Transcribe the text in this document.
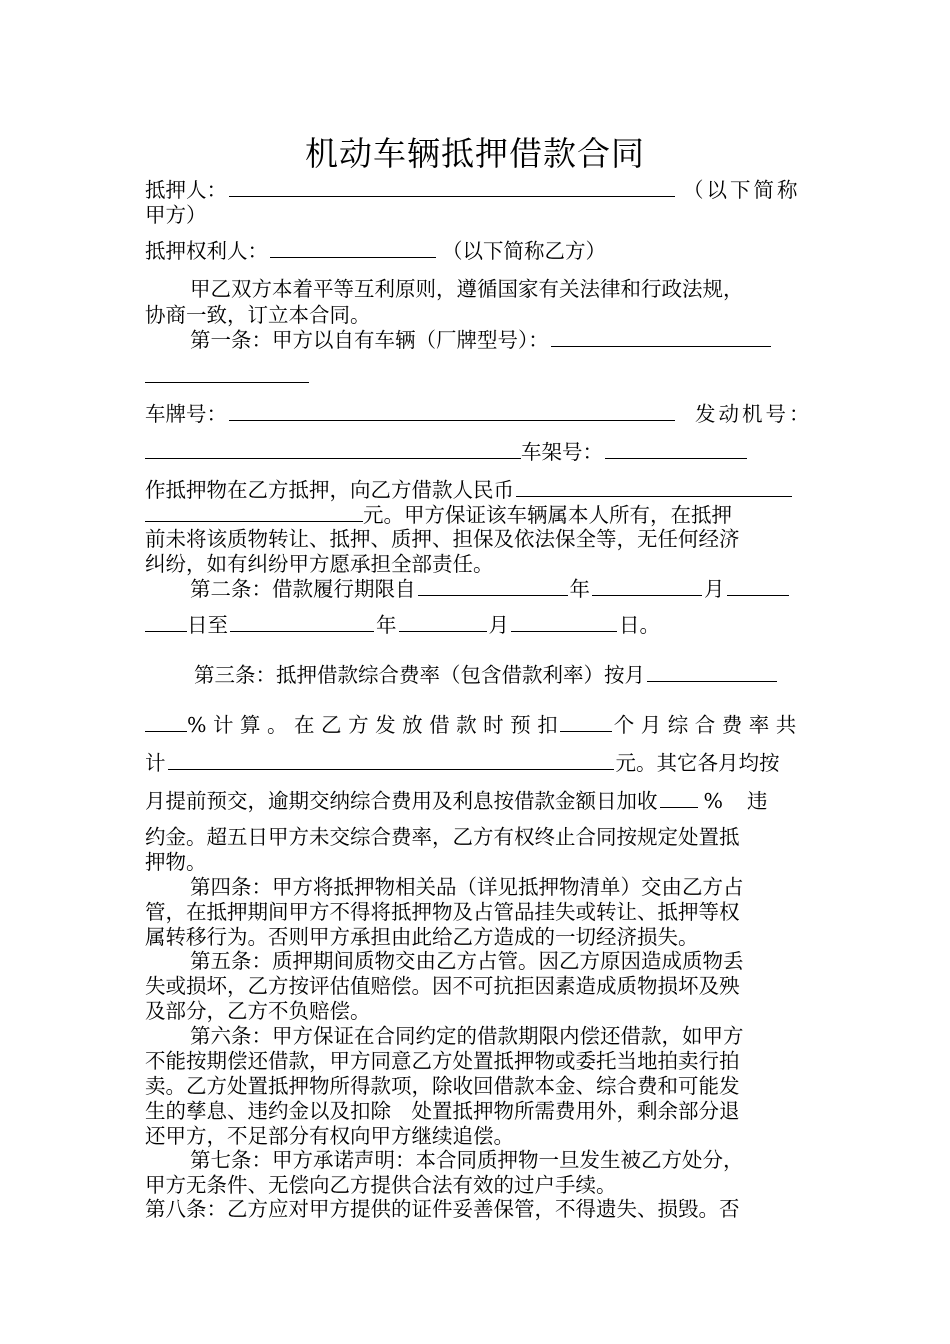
机动车辆抵押借款合同
抵押人：	（以下简称
甲方）
抵押权利人：	（以下简称乙方）
甲乙双方本着平等互利原则，遵循国家有关法律和行政法规，
协商一致，订立本合同。
第一条：甲方以自有车辆（厂牌型号）：
车牌号：	发动机号：
车架号：
作抵押物在乙方抵押，向乙方借款人民币
元。甲方保证该车辆属本人所有，在抵押
前未将该质物转让、抵押、质押、担保及依法保全等，无任何经济
纠纷，如有纠纷甲方愿承担全部责任。
第二条：借款履行期限自	年	月
日至	年	月	日。
第三条：抵押借款综合费率（包含借款利率）按月
% 计 算 。 在 乙 方 发 放 借 款 时 预 扣	个 月 综 合 费 率 共
计	元。其它各月均按
月提前预交，逾期交纳综合费用及利息按借款金额日加收 % 违
约金。超五日甲方未交综合费率，乙方有权终止合同按规定处置抵
押物。
第四条：甲方将抵押物相关品（详见抵押物清单）交由乙方占
管，在抵押期间甲方不得将抵押物及占管品挂失或转让、抵押等权
属转移行为。否则甲方承担由此给乙方造成的一切经济损失。
第五条：质押期间质物交由乙方占管。因乙方原因造成质物丢
失或损坏，乙方按评估值赔偿。因不可抗拒因素造成质物损坏及殃
及部分，乙方不负赔偿。
第六条：甲方保证在合同约定的借款期限内偿还借款，如甲方
不能按期偿还借款，甲方同意乙方处置抵押物或委托当地拍卖行拍
卖。乙方处置抵押物所得款项，除收回借款本金、综合费和可能发
生的孳息、违约金以及扣除　处置抵押物所需费用外，剩余部分退
还甲方，不足部分有权向甲方继续追偿。
第七条：甲方承诺声明：本合同质押物一旦发生被乙方处分，
甲方无条件、无偿向乙方提供合法有效的过户手续。
第八条：乙方应对甲方提供的证件妥善保管，不得遗失、损毁。否
